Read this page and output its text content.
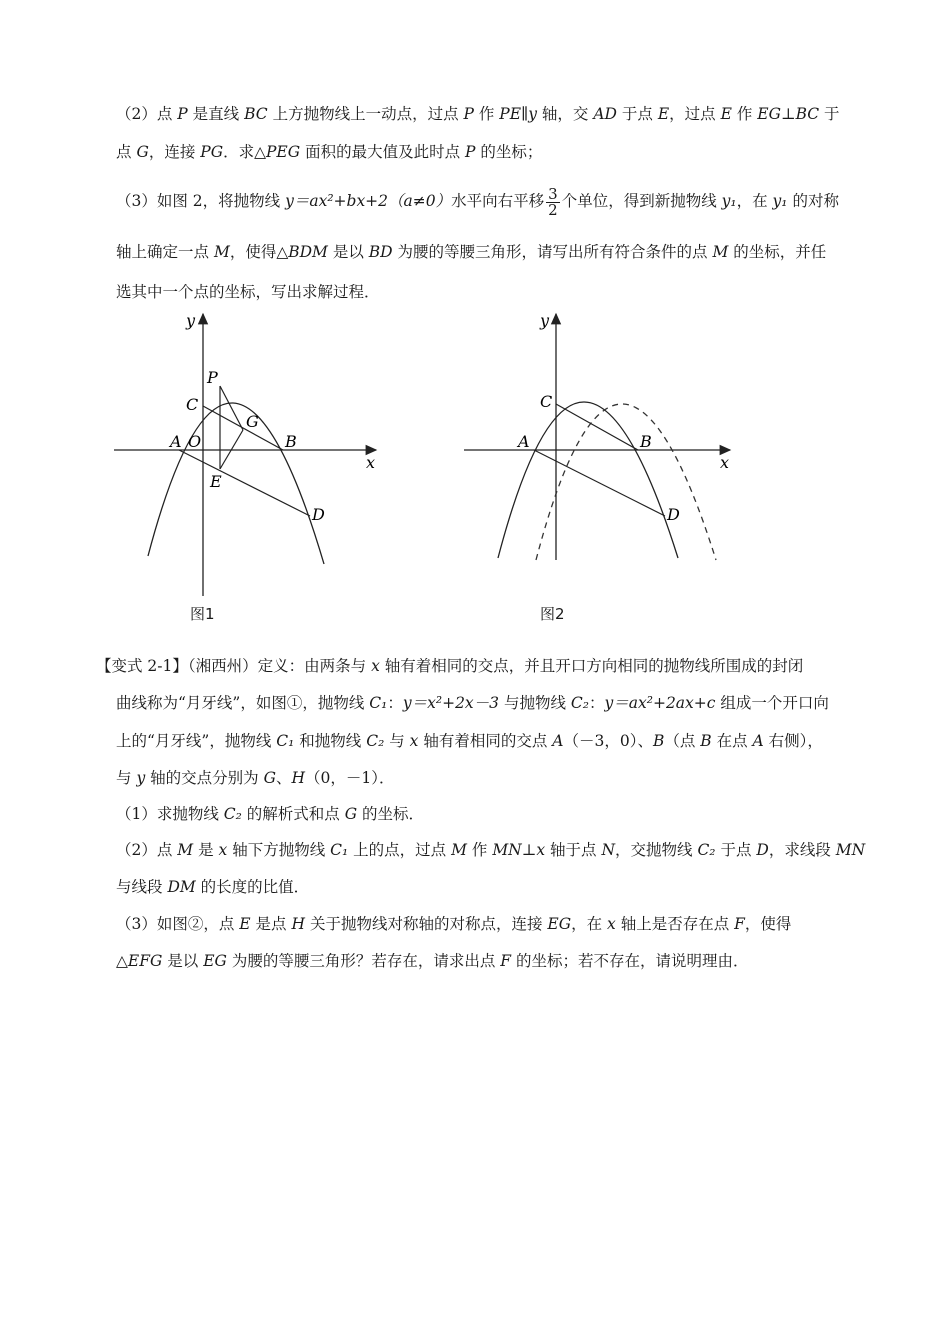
（2）点 P 是直线 BC 上方抛物线上一动点，过点 P 作 PE∥y 轴，交 AD 于点 E，过点 E 作 EG⊥BC 于
点 G，连接 PG．求△PEG 面积的最大值及此时点 P 的坐标；
（3）如图 2，将抛物线 y＝ax²+bx+2（a≠0）水平向右平移 $\frac{3}{2}$ 个单位，得到新抛物线 y₁，在 y₁ 的对称
轴上确定一点 M，使得△BDM 是以 BD 为腰的等腰三角形，请写出所有符合条件的点 M 的坐标，并任
选其中一个点的坐标，写出求解过程．
y
x
P
C
G
A O	B
E
D
图1
y
x
C
A	B
D
图2
【变式 2-1】（湘西州）定义：由两条与 x 轴有着相同的交点，并且开口方向相同的抛物线所围成的封闭
曲线称为“月牙线”，如图①，抛物线 C₁：y＝x²+2x－3 与抛物线 C₂：y＝ax²+2ax+c 组成一个开口向
上的“月牙线”，抛物线 C₁ 和抛物线 C₂ 与 x 轴有着相同的交点 A（－3，0）、B（点 B 在点 A 右侧），
与 y 轴的交点分别为 G、H（0，－1）．
（1）求抛物线 C₂ 的解析式和点 G 的坐标．
（2）点 M 是 x 轴下方抛物线 C₁ 上的点，过点 M 作 MN⊥x 轴于点 N，交抛物线 C₂ 于点 D，求线段 MN
与线段 DM 的长度的比值．
（3）如图②，点 E 是点 H 关于抛物线对称轴的对称点，连接 EG，在 x 轴上是否存在点 F，使得
△EFG 是以 EG 为腰的等腰三角形？若存在，请求出点 F 的坐标；若不存在，请说明理由．
